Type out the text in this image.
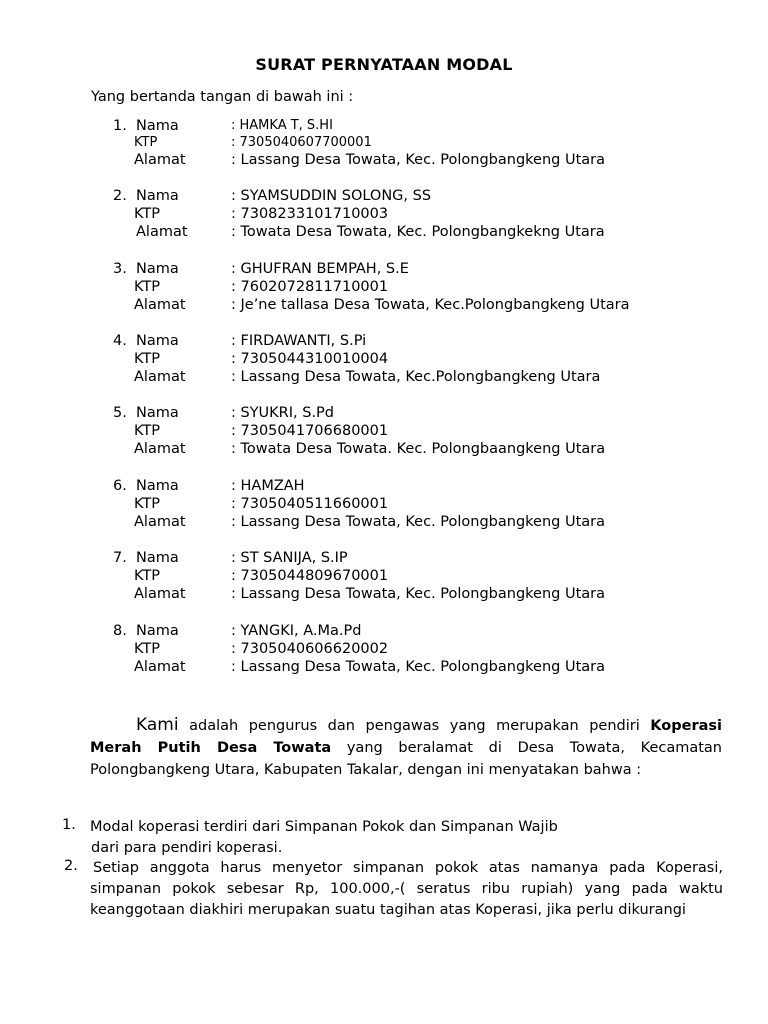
SURAT PERNYATAAN MODAL
Yang bertanda tangan di bawah ini :
1. Nama	: HAMKA T, S.HI
KTP	: 7305040607700001
Alamat	: Lassang Desa Towata, Kec. Polongbangkeng Utara
2. Nama	: SYAMSUDDIN SOLONG, SS
KTP	: 7308233101710003
Alamat	: Towata Desa Towata, Kec. Polongbangkekng Utara
3. Nama	: GHUFRAN BEMPAH, S.E
KTP	: 7602072811710001
Alamat	: Je’ne tallasa Desa Towata, Kec.Polongbangkeng Utara
4. Nama	: FIRDAWANTI, S.Pi
KTP	: 7305044310010004
Alamat	: Lassang Desa Towata, Kec.Polongbangkeng Utara
5. Nama	: SYUKRI, S.Pd
KTP	: 7305041706680001
Alamat	: Towata Desa Towata. Kec. Polongbaangkeng Utara
6. Nama	: HAMZAH
KTP	: 7305040511660001
Alamat	: Lassang Desa Towata, Kec. Polongbangkeng Utara
7. Nama	: ST SANIJA, S.IP
KTP	: 7305044809670001
Alamat	: Lassang Desa Towata, Kec. Polongbangkeng Utara
8. Nama	: YANGKI, A.Ma.Pd
KTP	: 7305040606620002
Alamat	: Lassang Desa Towata, Kec. Polongbangkeng Utara
Kami adalah pengurus dan pengawas yang merupakan pendiri Koperasi Merah Putih Desa Towata yang beralamat di Desa Towata, Kecamatan Polongbangkeng Utara, Kabupaten Takalar, dengan ini menyatakan bahwa :
1. Modal koperasi terdiri dari Simpanan Pokok dan Simpanan Wajib
dari para pendiri koperasi.
2. Setiap anggota harus menyetor simpanan pokok atas namanya pada Koperasi, simpanan pokok sebesar Rp, 100.000,-( seratus ribu rupiah) yang pada waktu keanggotaan diakhiri merupakan suatu tagihan atas Koperasi, jika perlu dikurangi
